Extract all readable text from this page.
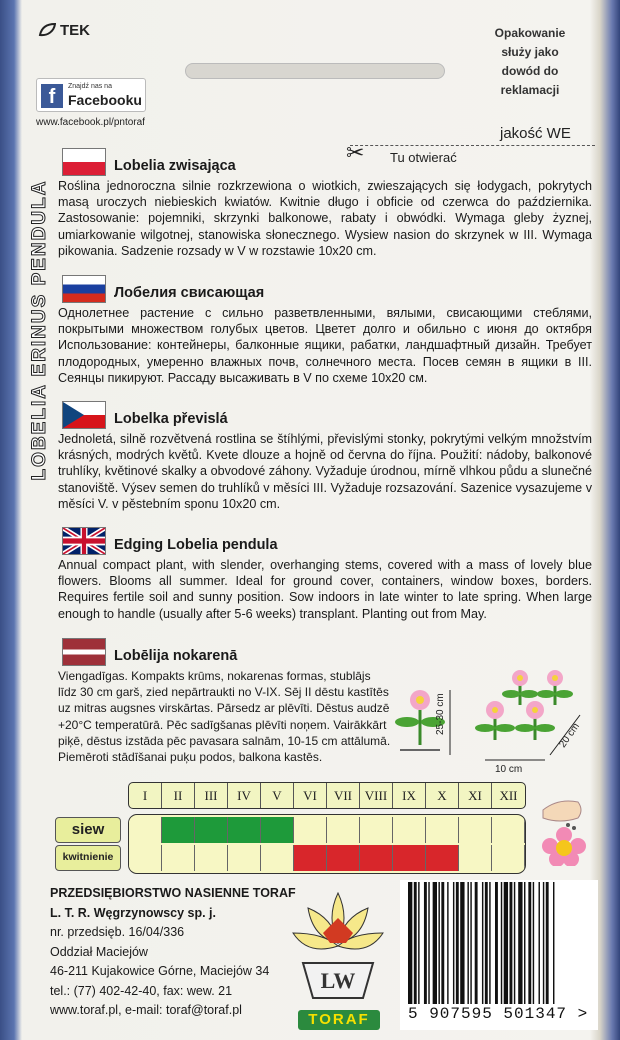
TEK
f	Znajdź nas na
Facebooku
www.facebook.pl/pntoraf
Opakowanie
służy jako
dowód do
reklamacji
jakość WE
✂ Tu otwierać
LOBELIA ERINUS PENDULA
Lobelia zwisająca

Roślina jednoroczna silnie rozkrzewiona o wiotkich, zwieszających się łodygach, pokrytych masą uroczych niebieskich kwiatów. Kwitnie długo i obficie od czerwca do października. Zastosowanie: pojemniki, skrzynki balkonowe, rabaty i obwódki. Wymaga gleby żyznej, umiarkowanie wilgotnej, stanowiska słonecznego. Wysiew nasion do skrzynek w III. Wymaga pikowania. Sadzenie rozsady w V w rozstawie 10x20 cm.

Лобелия свисающая

Однолетнее растение с сильно разветвленными, вялыми, свисающими стеблями, покрытыми множеством голубых цветов. Цветет долго и обильно с июня до октября Использование: контейнеры, балконные ящики, рабатки, ландшафтный дизайн. Требует плодородных, умеренно влажных почв, солнечного места. Посев семян в ящики в III. Сеянцы пикируют. Рассаду высаживать в V по схеме 10x20 см.

Lobelka převislá

Jednoletá, silně rozvětvená rostlina se štíhlými, převislými stonky, pokrytými velkým množstvím krásných, modrých květů. Kvete dlouze a hojně od června do října. Použití: nádoby, balkonové truhlíky, květinové skalky a obvodové záhony. Vyžaduje úrodnou, mírně vlhkou půdu a slunečné stanoviště. Výsev semen do truhlíků v měsíci III. Vyžaduje rozsazování. Sazenice vysazujeme v měsíci V. v pěstebním sponu 10x20 cm.

Edging Lobelia pendula

Annual compact plant, with slender, overhanging stems, covered with a mass of lovely blue flowers. Blooms all summer. Ideal for ground cover, containers, window boxes, borders. Requires fertile soil and sunny position. Sow indoors in late winter to late spring. When large enough to handle (usually after 5-6 weeks) transplant. Planting out from May.

Lobēlija nokarenā

Viengadīgas. Kompakts krūms, nokarenas formas, stublājs
līdz 30 cm garš, zied nepārtraukti no V-IX. Sēj II dēstu kastītēs
uz mitras augsnes virskārtas. Pārsedz ar plēvīti. Dēstus audzē
+20°C temperatūrā. Pēc sadīgšanas plēvīti noņem. Vairākkārt
piķē, dēstus izstāda pēc pavasara salnām, 10-15 cm attālumā.
Piemēroti stādīšanai puķu podos, balkona kastēs.

25-30 cm
20 cm
10 cm
I	II	III	IV	V	VI	VII VIII	IX	X	XI	XII
siew
kwitnienie
PRZEDSIĘBIORSTWO NASIENNE TORAF
L. T. R. Węgrzynowscy sp. j.
nr. przedsięb. 16/04/336
Oddział Maciejów
46-211 Kujakowice Górne, Maciejów 34
tel.: (77) 402-42-40, fax: wew. 21
www.toraf.pl, e-mail: toraf@toraf.pl
LW
TORAF	5 907595 501347 >
